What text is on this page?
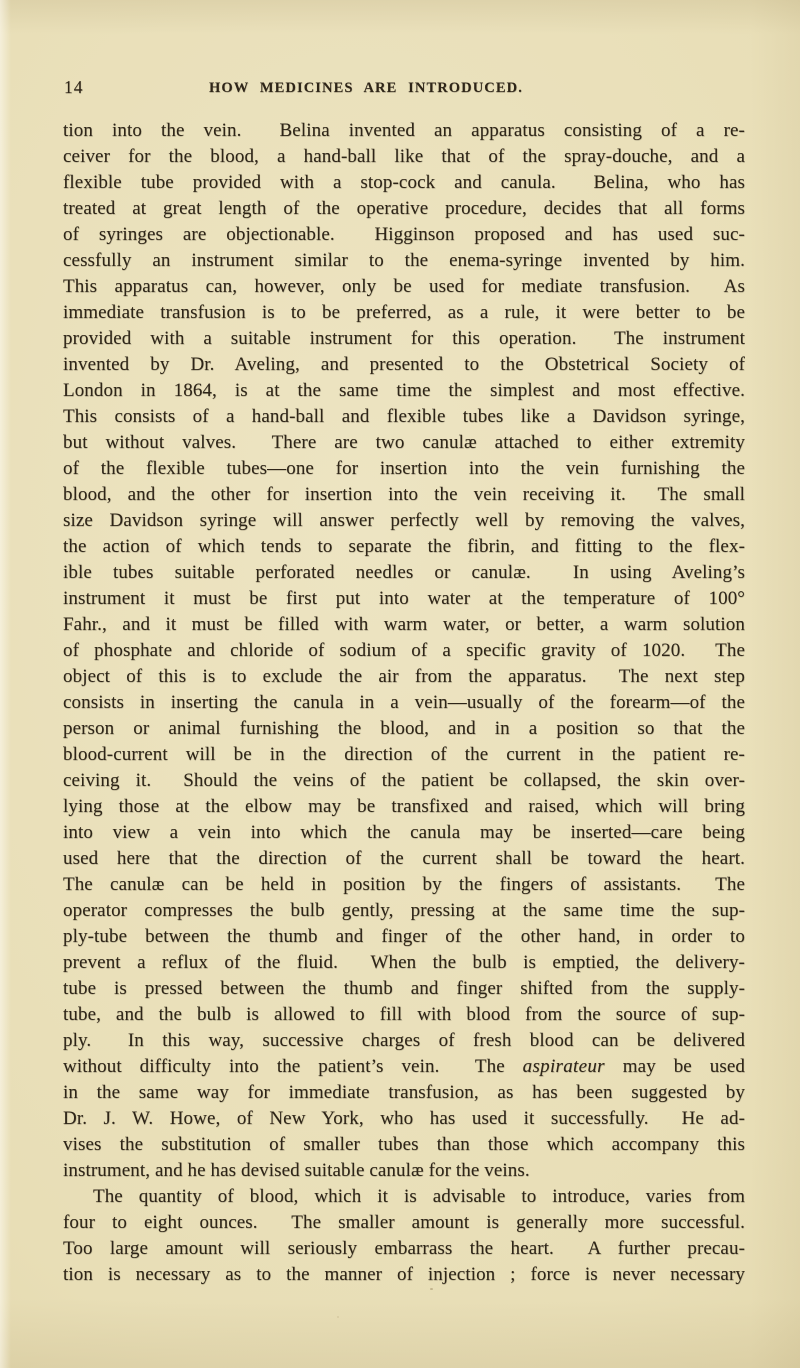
14	HOW MEDICINES ARE INTRODUCED.
tion into the vein.  Belina invented an apparatus consisting of a re-
ceiver for the blood, a hand-ball like that of the spray-douche, and a
flexible tube provided with a stop-cock and canula.  Belina, who has
treated at great length of the operative procedure, decides that all forms
of syringes are objectionable.  Higginson proposed and has used suc-
cessfully an instrument similar to the enema-syringe invented by him.
This apparatus can, however, only be used for mediate transfusion.  As
immediate transfusion is to be preferred, as a rule, it were better to be
provided with a suitable instrument for this operation.  The instrument
invented by Dr. Aveling, and presented to the Obstetrical Society of
London in 1864, is at the same time the simplest and most effective.
This consists of a hand-ball and flexible tubes like a Davidson syringe,
but without valves.  There are two canulæ attached to either extremity
of the flexible tubes—one for insertion into the vein furnishing the
blood, and the other for insertion into the vein receiving it.  The small
size Davidson syringe will answer perfectly well by removing the valves,
the action of which tends to separate the fibrin, and fitting to the flex-
ible tubes suitable perforated needles or canulæ.  In using Aveling’s
instrument it must be first put into water at the temperature of 100°
Fahr., and it must be filled with warm water, or better, a warm solution
of phosphate and chloride of sodium of a specific gravity of 1020.  The
object of this is to exclude the air from the apparatus.  The next step
consists in inserting the canula in a vein—usually of the forearm—of the
person or animal furnishing the blood, and in a position so that the
blood-current will be in the direction of the current in the patient re-
ceiving it.  Should the veins of the patient be collapsed, the skin over-
lying those at the elbow may be transfixed and raised, which will bring
into view a vein into which the canula may be inserted—care being
used here that the direction of the current shall be toward the heart.
The canulæ can be held in position by the fingers of assistants.  The
operator compresses the bulb gently, pressing at the same time the sup-
ply-tube between the thumb and finger of the other hand, in order to
prevent a reflux of the fluid.  When the bulb is emptied, the delivery-
tube is pressed between the thumb and finger shifted from the supply-
tube, and the bulb is allowed to fill with blood from the source of sup-
ply.  In this way, successive charges of fresh blood can be delivered
without difficulty into the patient’s vein.  The aspirateur may be used
in the same way for immediate transfusion, as has been suggested by
Dr. J. W. Howe, of New York, who has used it successfully.  He ad-
vises the substitution of smaller tubes than those which accompany this
instrument, and he has devised suitable canulæ for the veins.
The quantity of blood, which it is advisable to introduce, varies from
four to eight ounces.  The smaller amount is generally more successful.
Too large amount will seriously embarrass the heart.  A further precau-
tion is necessary as to the manner of injection ; force is never necessary
